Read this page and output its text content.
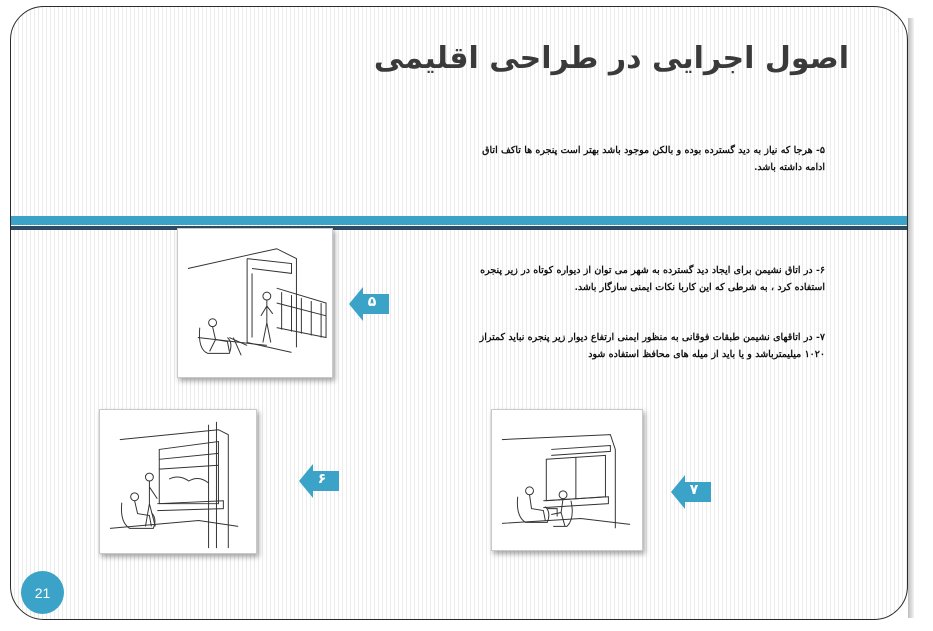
اصول اجرایی در طراحی اقلیمی
۵- هرجا که نیاز به دید گسترده بوده و بالکن موجود باشد بهتر است پنجره ها تاکف اتاق ادامه داشته باشد.
۶- در اتاق نشیمن برای ایجاد دید گسترده به شهر می توان از دیواره کوتاه در زیر پنجره استفاده کرد ، به شرطی که این کاربا نکات ایمنی سازگار باشد.
۷- در اتاقهای نشیمن طبقات فوقانی به منظور ایمنی ارتفاع دیوار زیر پنجره نباید کمتراز ۱۰۲۰ میلیمترباشد و یا باید از میله های محافظ استفاده شود
۵
۶
۷
21
